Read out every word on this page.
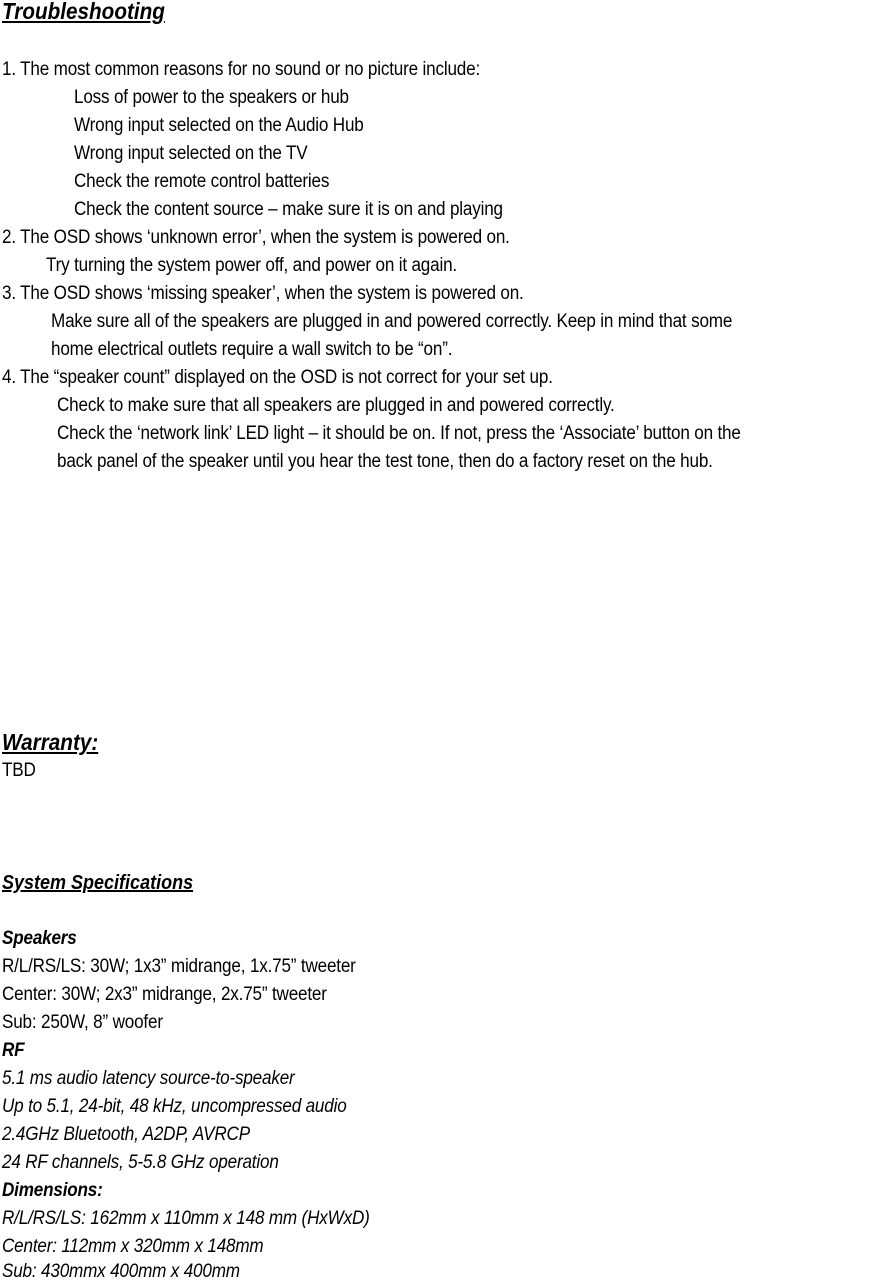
Troubleshooting
1. The most common reasons for no sound or no picture include:
Loss of power to the speakers or hub
Wrong input selected on the Audio Hub
Wrong input selected on the TV
Check the remote control batteries
Check the content source – make sure it is on and playing
2. The OSD shows ‘unknown error’, when the system is powered on.
Try turning the system power off, and power on it again.
3. The OSD shows ‘missing speaker’, when the system is powered on.
Make sure all of the speakers are plugged in and powered correctly. Keep in mind that some
home electrical outlets require a wall switch to be “on”.
4. The “speaker count” displayed on the OSD is not correct for your set up.
Check to make sure that all speakers are plugged in and powered correctly.
Check the ‘network link’ LED light – it should be on. If not, press the ‘Associate’ button on the
back panel of the speaker until you hear the test tone, then do a factory reset on the hub.
Warranty:
TBD
System Specifications
Speakers
R/L/RS/LS: 30W; 1x3” midrange, 1x.75” tweeter
Center: 30W; 2x3” midrange, 2x.75” tweeter
Sub: 250W, 8” woofer
RF
5.1 ms audio latency source-to-speaker
Up to 5.1, 24-bit, 48 kHz, uncompressed audio
2.4GHz Bluetooth, A2DP, AVRCP
24 RF channels, 5-5.8 GHz operation
Dimensions:
R/L/RS/LS: 162mm x 110mm x 148 mm (HxWxD)
Center: 112mm x 320mm x 148mm
Sub: 430mmx 400mm x 400mm
